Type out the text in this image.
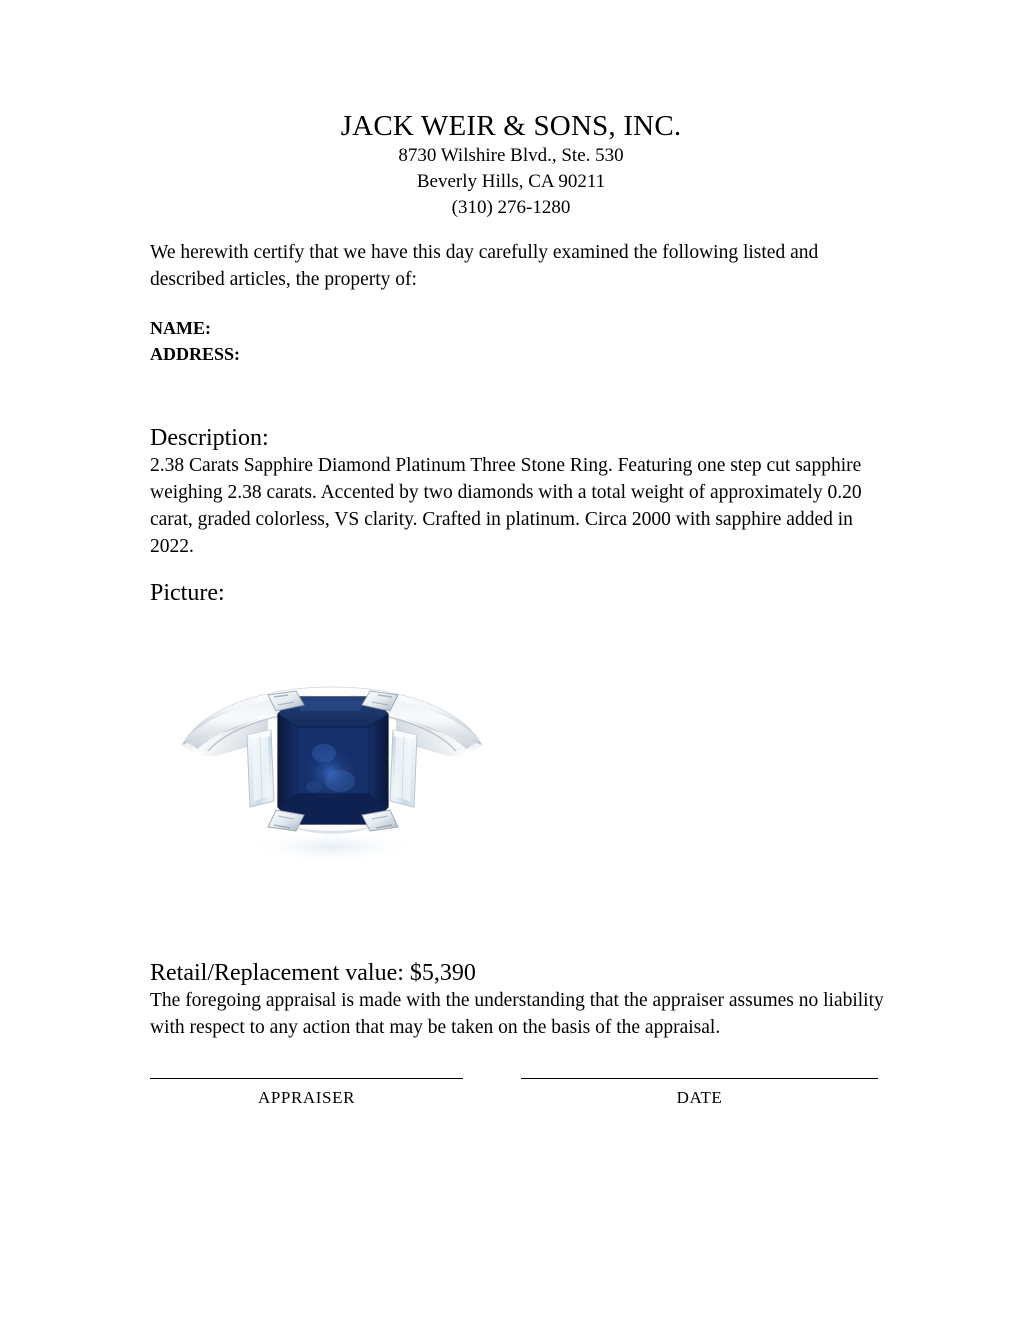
JACK WEIR & SONS, INC.
8730 Wilshire Blvd., Ste. 530
Beverly Hills, CA 90211
(310) 276-1280
We herewith certify that we have this day carefully examined the following listed and described articles, the property of:
NAME:
ADDRESS:
Description:
2.38 Carats Sapphire Diamond Platinum Three Stone Ring. Featuring one step cut sapphire weighing 2.38 carats. Accented by two diamonds with a total weight of approximately 0.20 carat, graded colorless, VS clarity. Crafted in platinum. Circa 2000 with sapphire added in 2022.
Picture:
Retail/Replacement value: $5,390
The foregoing appraisal is made with the understanding that the appraiser assumes no liability with respect to any action that may be taken on the basis of the appraisal.
APPRAISER	DATE
